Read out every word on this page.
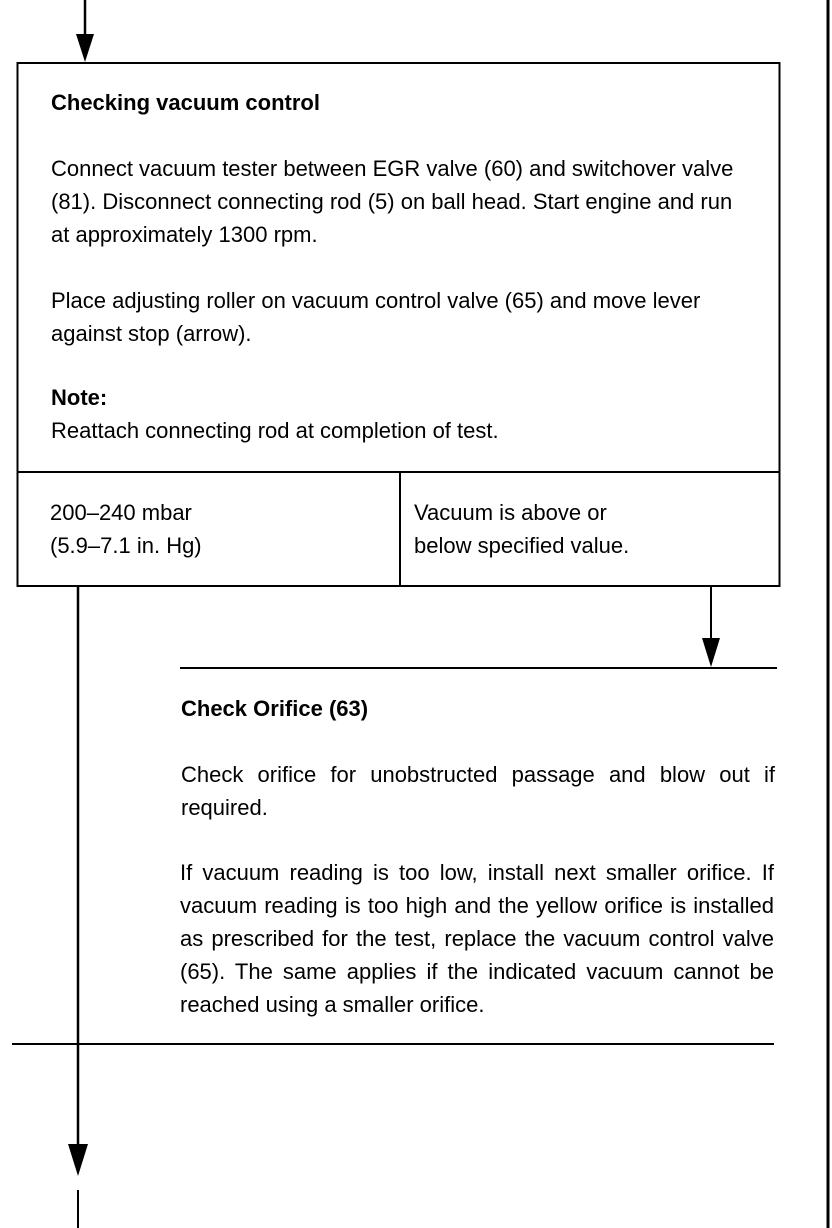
Checking vacuum control

Connect vacuum tester between EGR valve (60) and switchover valve (81). Disconnect connecting rod (5) on ball head. Start engine and run at approximately 1300 rpm.

Place adjusting roller on vacuum control valve (65) and move lever against stop (arrow).

Note:
Reattach connecting rod at completion of test.
200–240 mbar
(5.9–7.1 in. Hg)
Vacuum is above or
below specified value.
Check Orifice (63)

Check orifice for unobstructed passage and blow out if required.

If vacuum reading is too low, install next smaller orifice. If vacuum reading is too high and the yellow orifice is installed as prescribed for the test, replace the vacuum control valve (65). The same applies if the indicated vacuum cannot be reached using a smaller orifice.
